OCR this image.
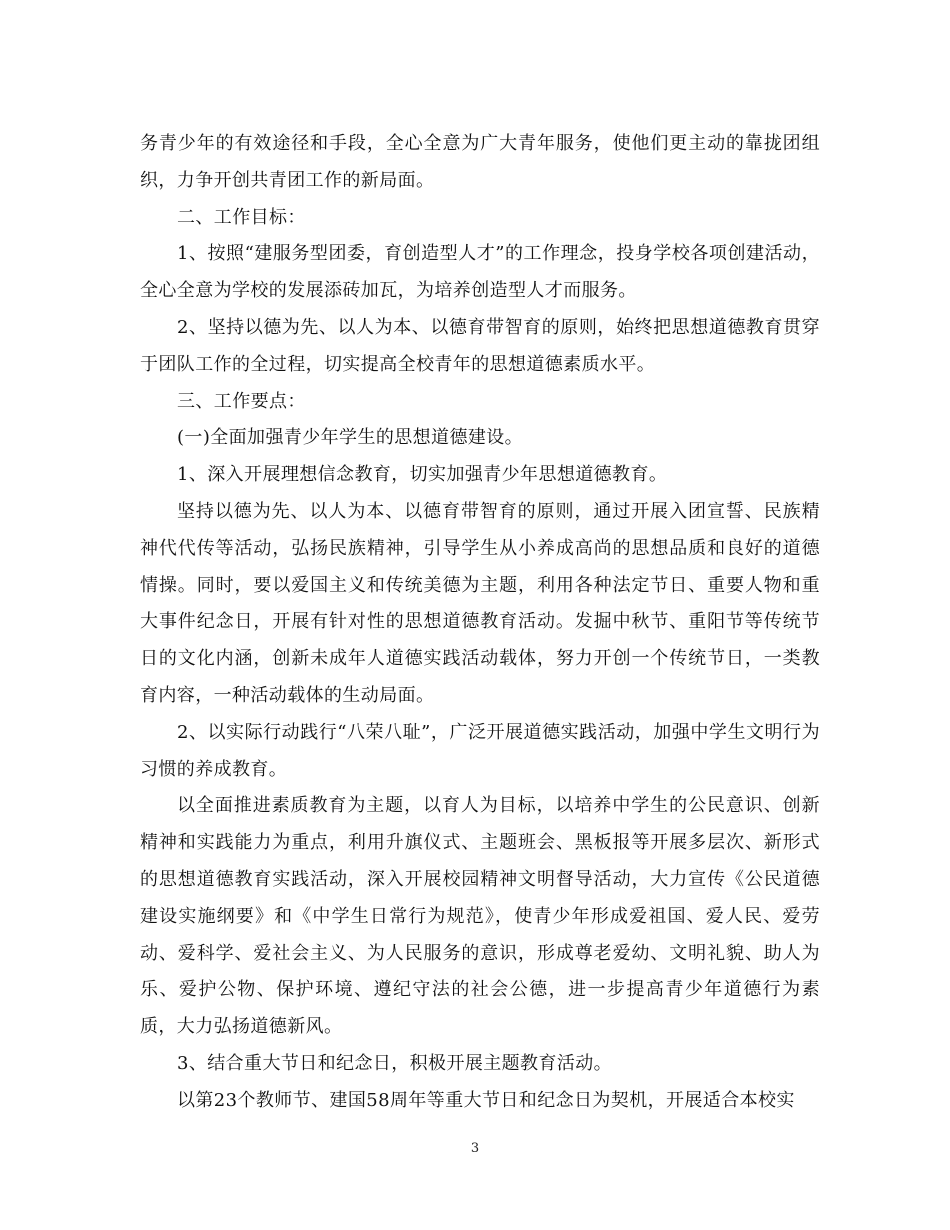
务青少年的有效途径和手段，全心全意为广大青年服务，使他们更主动的靠拢团组织，力争开创共青团工作的新局面。

二、工作目标：

1、按照“建服务型团委，育创造型人才”的工作理念，投身学校各项创建活动，全心全意为学校的发展添砖加瓦，为培养创造型人才而服务。

2、坚持以德为先、以人为本、以德育带智育的原则，始终把思想道德教育贯穿于团队工作的全过程，切实提高全校青年的思想道德素质水平。

三、工作要点：

(一)全面加强青少年学生的思想道德建设。

1、深入开展理想信念教育，切实加强青少年思想道德教育。

坚持以德为先、以人为本、以德育带智育的原则，通过开展入团宣誓、民族精神代代传等活动，弘扬民族精神，引导学生从小养成高尚的思想品质和良好的道德情操。同时，要以爱国主义和传统美德为主题，利用各种法定节日、重要人物和重大事件纪念日，开展有针对性的思想道德教育活动。发掘中秋节、重阳节等传统节日的文化内涵，创新未成年人道德实践活动载体，努力开创一个传统节日，一类教育内容，一种活动载体的生动局面。

2、以实际行动践行“八荣八耻”，广泛开展道德实践活动，加强中学生文明行为习惯的养成教育。

以全面推进素质教育为主题，以育人为目标，以培养中学生的公民意识、创新精神和实践能力为重点，利用升旗仪式、主题班会、黑板报等开展多层次、新形式的思想道德教育实践活动，深入开展校园精神文明督导活动，大力宣传《公民道德建设实施纲要》和《中学生日常行为规范》，使青少年形成爱祖国、爱人民、爱劳动、爱科学、爱社会主义、为人民服务的意识，形成尊老爱幼、文明礼貌、助人为乐、爱护公物、保护环境、遵纪守法的社会公德，进一步提高青少年道德行为素质，大力弘扬道德新风。

3、结合重大节日和纪念日，积极开展主题教育活动。

以第23个教师节、建国58周年等重大节日和纪念日为契机，开展适合本校实

3
